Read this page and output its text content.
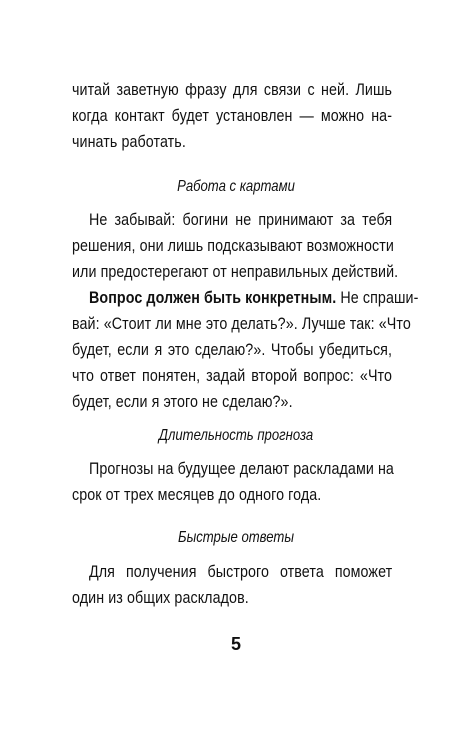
читай заветную фразу для связи с ней. Лишь
когда контакт будет установлен — можно на-
чинать работать.
Работа с картами
Не забывай: богини не принимают за тебя
решения, они лишь подсказывают возможности
или предостерегают от неправильных действий.
Вопрос должен быть конкретным. Не спраши-
вай: «Стоит ли мне это делать?». Лучше так: «Что
будет, если я это сделаю?». Чтобы убедиться,
что ответ понятен, задай второй вопрос: «Что
будет, если я этого не сделаю?».
Длительность прогноза
Прогнозы на будущее делают раскладами на
срок от трех месяцев до одного года.
Быстрые ответы
Для получения быстрого ответа поможет
один из общих раскладов.
5
